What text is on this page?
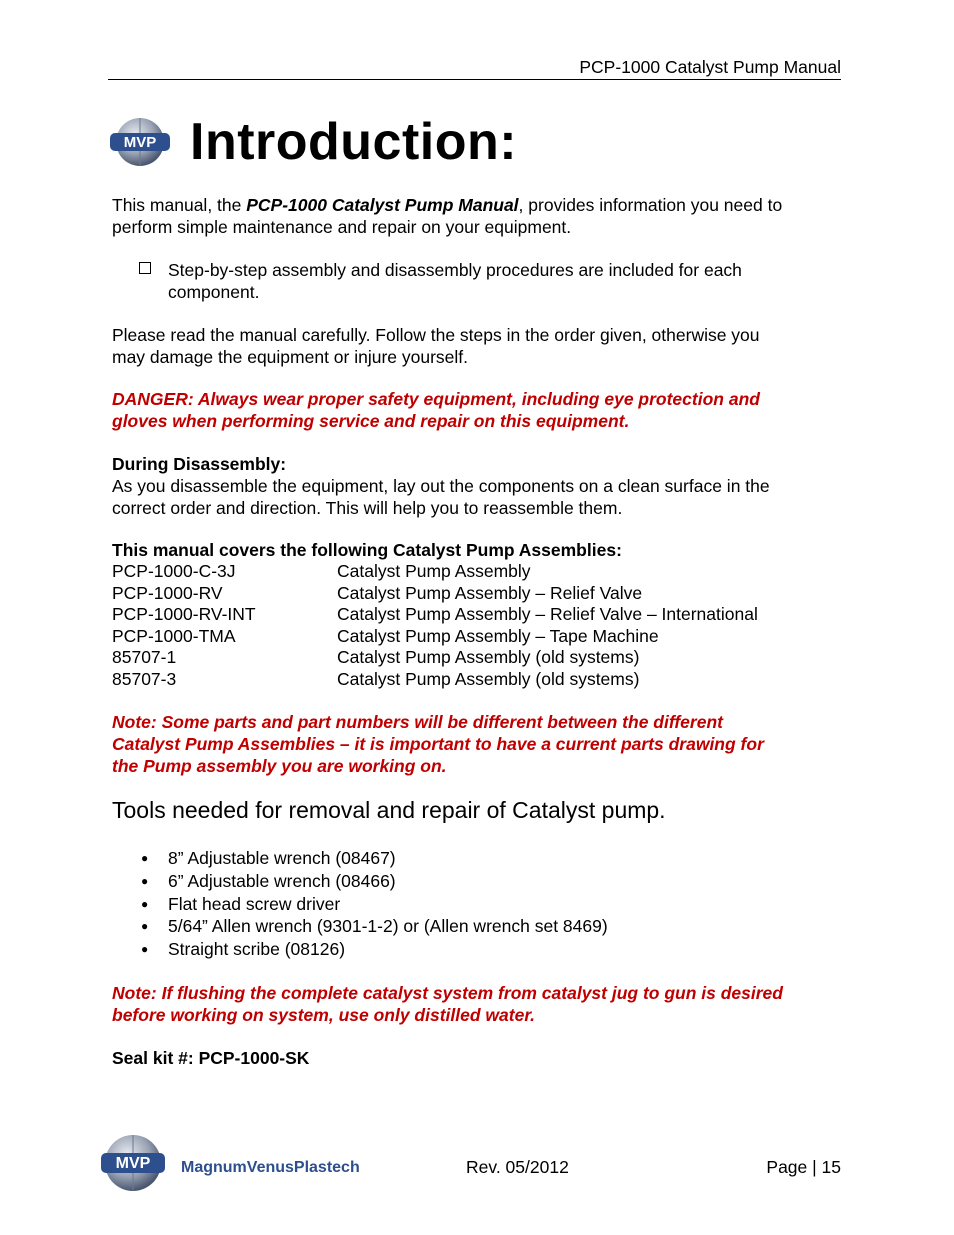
PCP-1000 Catalyst Pump Manual
MVP Introduction:
This manual, the PCP-1000 Catalyst Pump Manual, provides information you need to
perform simple maintenance and repair on your equipment.
Step-by-step assembly and disassembly procedures are included for each
component.
Please read the manual carefully. Follow the steps in the order given, otherwise you
may damage the equipment or injure yourself.
DANGER: Always wear proper safety equipment, including eye protection and
gloves when performing service and repair on this equipment.
During Disassembly:
As you disassemble the equipment, lay out the components on a clean surface in the
correct order and direction. This will help you to reassemble them.
This manual covers the following Catalyst Pump Assemblies:
PCP-1000-C-3J	Catalyst Pump Assembly
PCP-1000-RV	Catalyst Pump Assembly – Relief Valve
PCP-1000-RV-INT	Catalyst Pump Assembly – Relief Valve – International
PCP-1000-TMA	Catalyst Pump Assembly – Tape Machine
85707-1	Catalyst Pump Assembly (old systems)
85707-3	Catalyst Pump Assembly (old systems)
Note: Some parts and part numbers will be different between the different
Catalyst Pump Assemblies – it is important to have a current parts drawing for
the Pump assembly you are working on.
Tools needed for removal and repair of Catalyst pump.
● 8” Adjustable wrench (08467)
● 6” Adjustable wrench (08466)
● Flat head screw driver
● 5/64” Allen wrench (9301-1-2) or (Allen wrench set 8469)
● Straight scribe (08126)
Note: If flushing the complete catalyst system from catalyst jug to gun is desired
before working on system, use only distilled water.
Seal kit #: PCP-1000-SK
MVP MagnumVenusPlastech	Rev. 05/2012	Page | 15
